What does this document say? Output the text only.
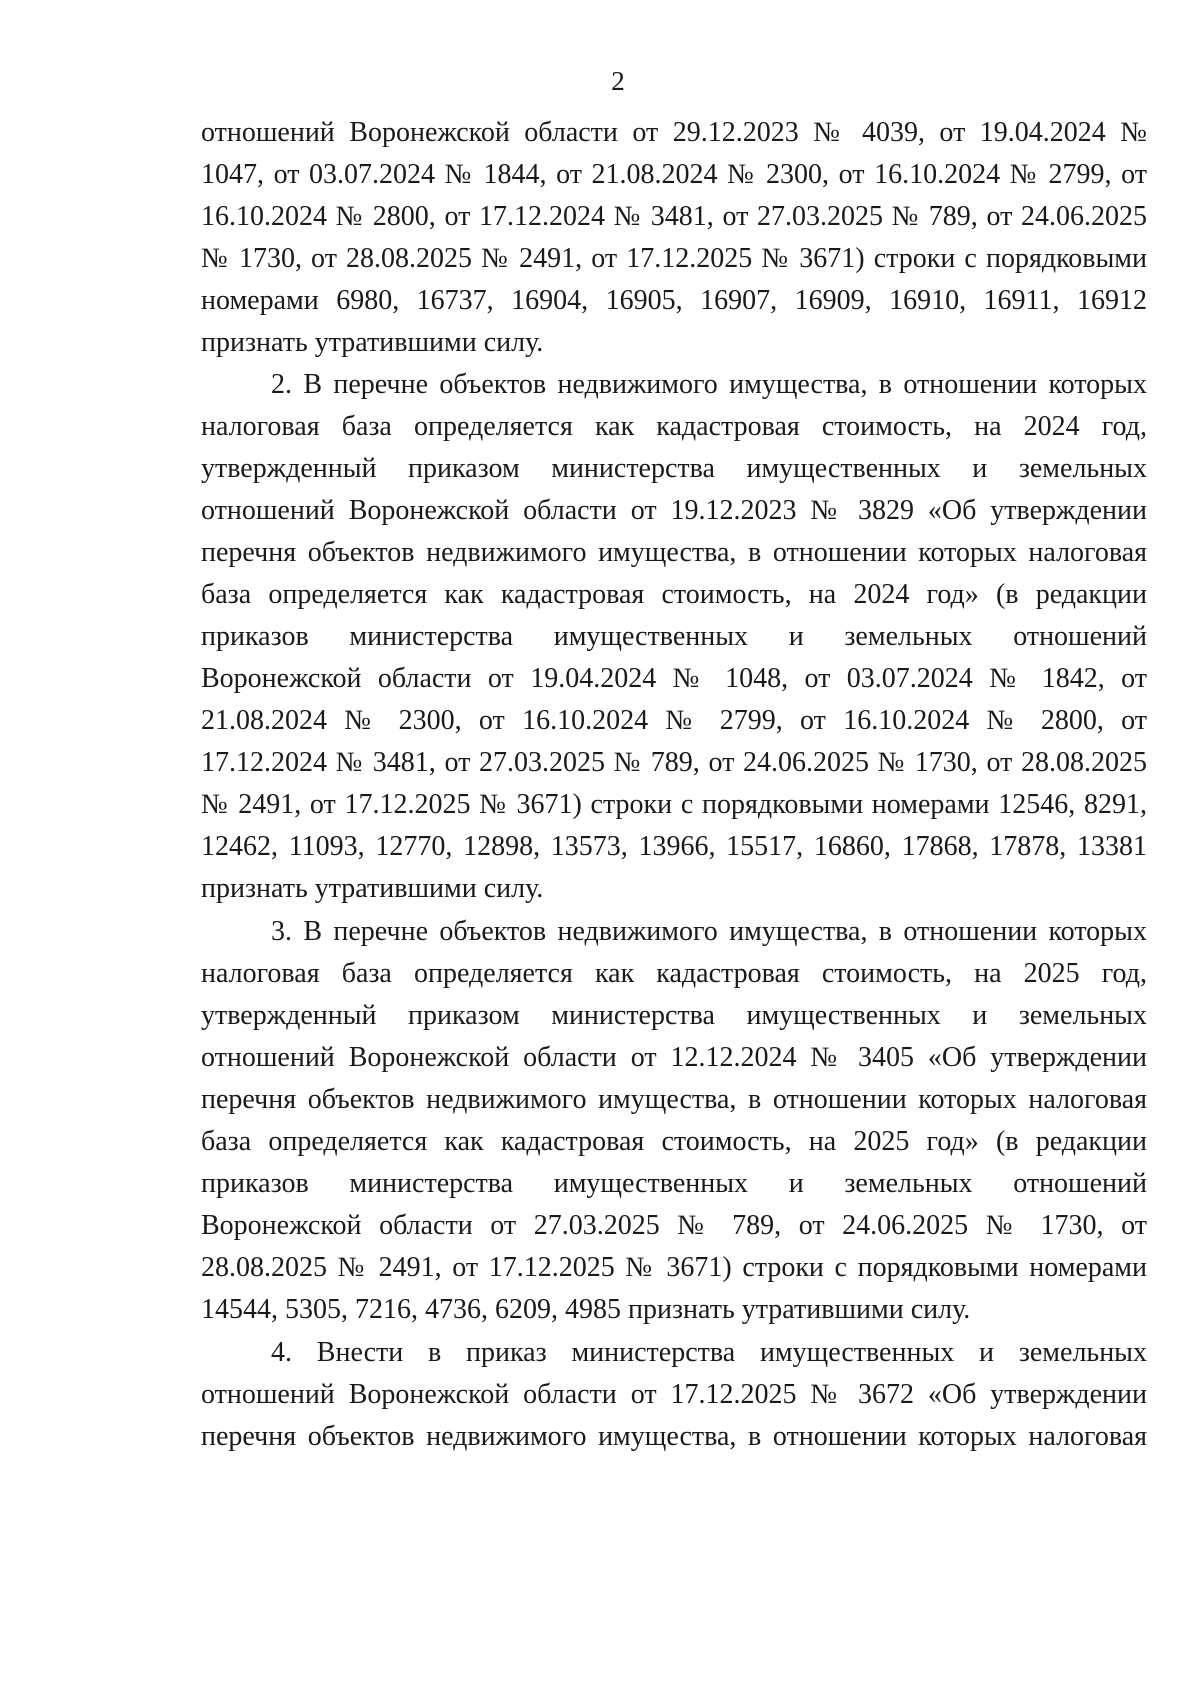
2
отношений Воронежской области от 29.12.2023 № 4039, от 19.04.2024 №
1047, от 03.07.2024 № 1844, от 21.08.2024 № 2300, от 16.10.2024 № 2799, от
16.10.2024 № 2800, от 17.12.2024 № 3481, от 27.03.2025 № 789, от 24.06.2025
№ 1730, от 28.08.2025 № 2491, от 17.12.2025 № 3671) строки с порядковыми
номерами 6980, 16737, 16904, 16905, 16907, 16909, 16910, 16911, 16912
признать утратившими силу.
2. В перечне объектов недвижимого имущества, в отношении которых
налоговая база определяется как кадастровая стоимость, на 2024 год,
утвержденный приказом министерства имущественных и земельных
отношений Воронежской области от 19.12.2023 № 3829 «Об утверждении
перечня объектов недвижимого имущества, в отношении которых налоговая
база определяется как кадастровая стоимость, на 2024 год» (в редакции
приказов министерства имущественных и земельных отношений
Воронежской области от 19.04.2024 № 1048, от 03.07.2024 № 1842, от
21.08.2024 № 2300, от 16.10.2024 № 2799, от 16.10.2024 № 2800, от
17.12.2024 № 3481, от 27.03.2025 № 789, от 24.06.2025 № 1730, от 28.08.2025
№ 2491, от 17.12.2025 № 3671) строки с порядковыми номерами 12546, 8291,
12462, 11093, 12770, 12898, 13573, 13966, 15517, 16860, 17868, 17878, 13381
признать утратившими силу.
3. В перечне объектов недвижимого имущества, в отношении которых
налоговая база определяется как кадастровая стоимость, на 2025 год,
утвержденный приказом министерства имущественных и земельных
отношений Воронежской области от 12.12.2024 № 3405 «Об утверждении
перечня объектов недвижимого имущества, в отношении которых налоговая
база определяется как кадастровая стоимость, на 2025 год» (в редакции
приказов министерства имущественных и земельных отношений
Воронежской области от 27.03.2025 № 789, от 24.06.2025 № 1730, от
28.08.2025 № 2491, от 17.12.2025 № 3671) строки с порядковыми номерами
14544, 5305, 7216, 4736, 6209, 4985 признать утратившими силу.
4. Внести в приказ министерства имущественных и земельных
отношений Воронежской области от 17.12.2025 № 3672 «Об утверждении
перечня объектов недвижимого имущества, в отношении которых налоговая
